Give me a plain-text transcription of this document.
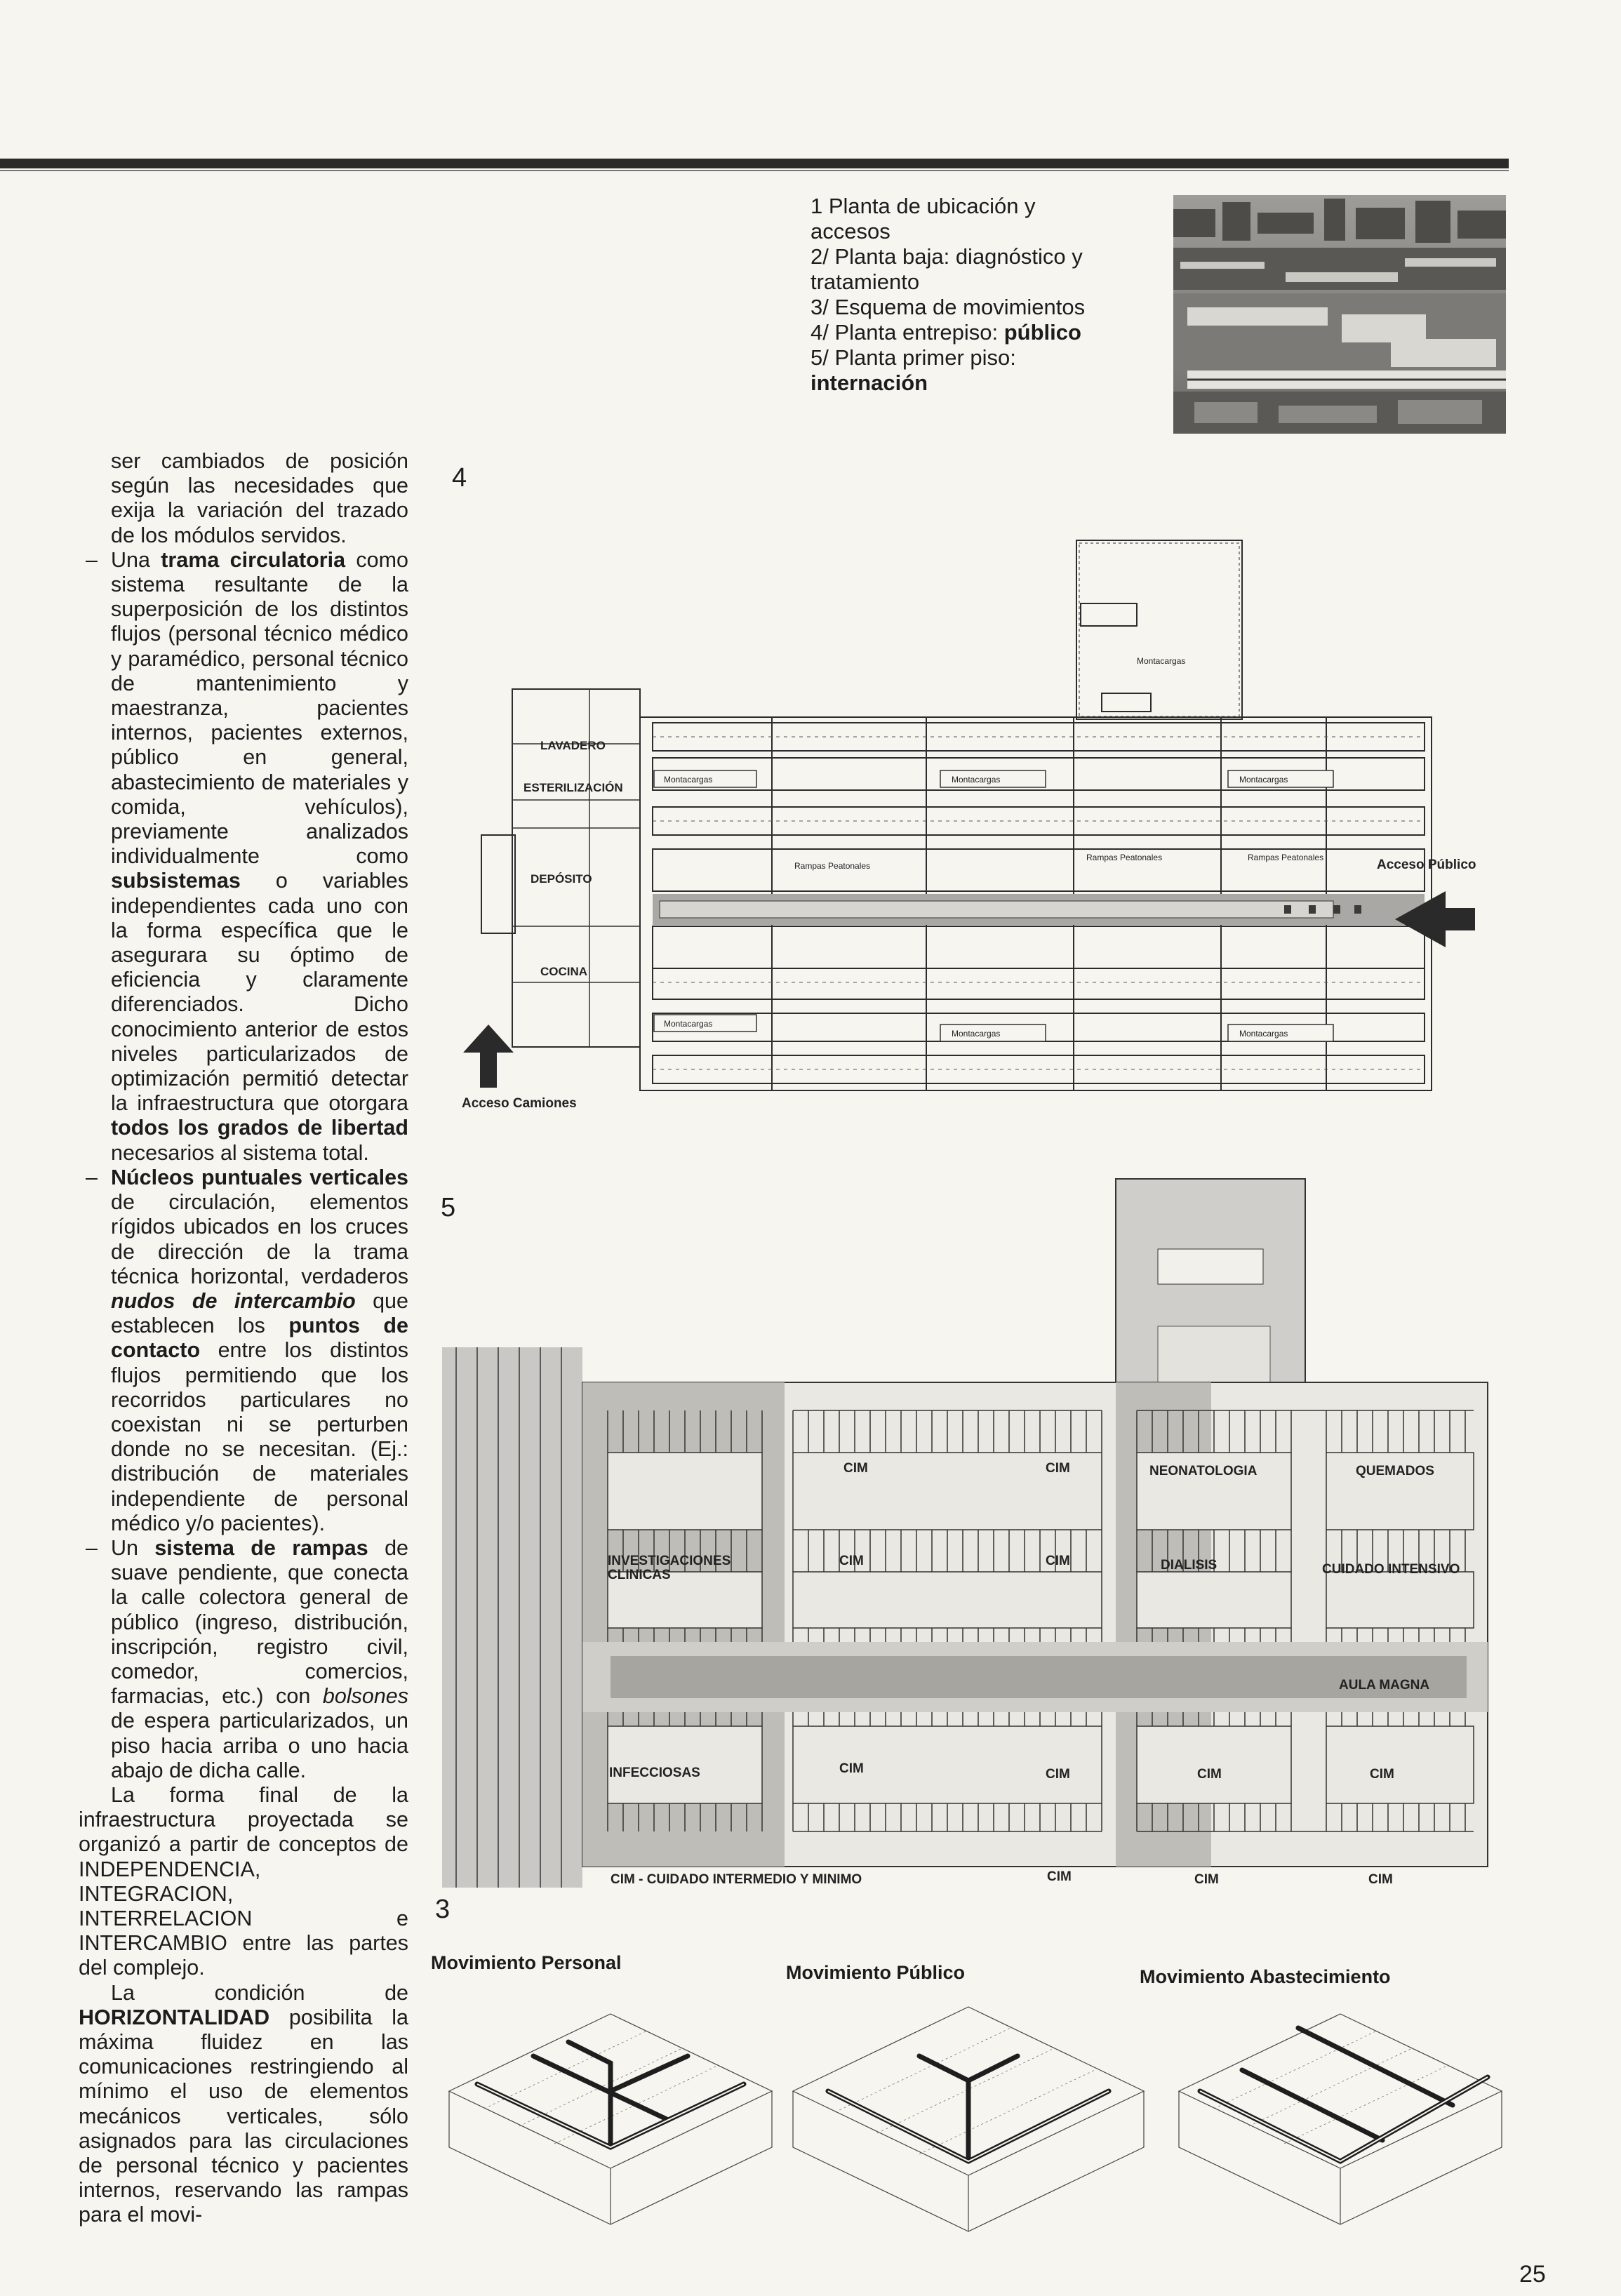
1 Planta de ubicación y
accesos
2/ Planta baja: diagnóstico y
tratamiento
3/ Esquema de movimientos
4/ Planta entrepiso: público
5/ Planta primer piso:
internación

ser cambiados de posición según las necesidades que exija la variación del trazado de los módulos servidos.

– Una trama circulatoria como sistema resultante de la superposición de los distintos flujos (personal técnico médico y paramédico, personal técnico de mantenimiento y maestranza, pacientes internos, pacientes externos, público en general, abastecimiento de materiales y comida, vehículos), previamente analizados individualmente como subsistemas o variables independientes cada uno con la forma específica que le asegurara su óptimo de eficiencia y claramente diferenciados. Dicho conocimiento anterior de estos niveles particularizados de optimización permitió detectar la infraestructura que otorgara todos los grados de libertad necesarios al sistema total.

– Núcleos puntuales verticales de circulación, elementos rígidos ubicados en los cruces de dirección de la trama técnica horizontal, verdaderos nudos de intercambio que establecen los puntos de contacto entre los distintos flujos permitiendo que los recorridos particulares no coexistan ni se perturben donde no se necesitan. (Ej.: distribución de materiales independiente de personal médico y/o pacientes).

– Un sistema de rampas de suave pendiente, que conecta la calle colectora general de público (ingreso, distribución, inscripción, registro civil, comedor, comercios, farmacias, etc.) con bolsones de espera particularizados, un piso hacia arriba o uno hacia abajo de dicha calle.

La forma final de la infraestructura proyectada se organizó a partir de conceptos de INDEPENDENCIA, INTEGRACION, INTERRELACION e INTERCAMBIO entre las partes del complejo.

La condición de HORIZONTALIDAD posibilita la máxima fluidez en las comunicaciones restringiendo al mínimo el uso de elementos mecánicos verticales, sólo asignados para las circulaciones de personal técnico y pacientes internos, reservando las rampas para el movi-

4
LAVADERO
ESTERILIZACIÓN
DEPÓSITO
COCINA
Montacargas
Montacargas	Montacargas	Montacargas
Montacargas
Montacargas	Montacargas
Rampas Peatonales
Rampas Peatonales	Rampas Peatonales	Acceso Público
Acceso Camiones
5
CIM	CIM	NEONATOLOGIA	QUEMADOS
INVESTIGACIONES
CLINICAS
CIM	CIM	DIALISIS	CUIDADO INTENSIVO
AULA MAGNA
INFECCIOSAS	CIM	CIM	CIM	CIM
CIM - CUIDADO INTERMEDIO Y MINIMO	CIM	CIM	CIM
3
Movimiento Personal	Movimiento Público	Movimiento Abastecimiento
25
